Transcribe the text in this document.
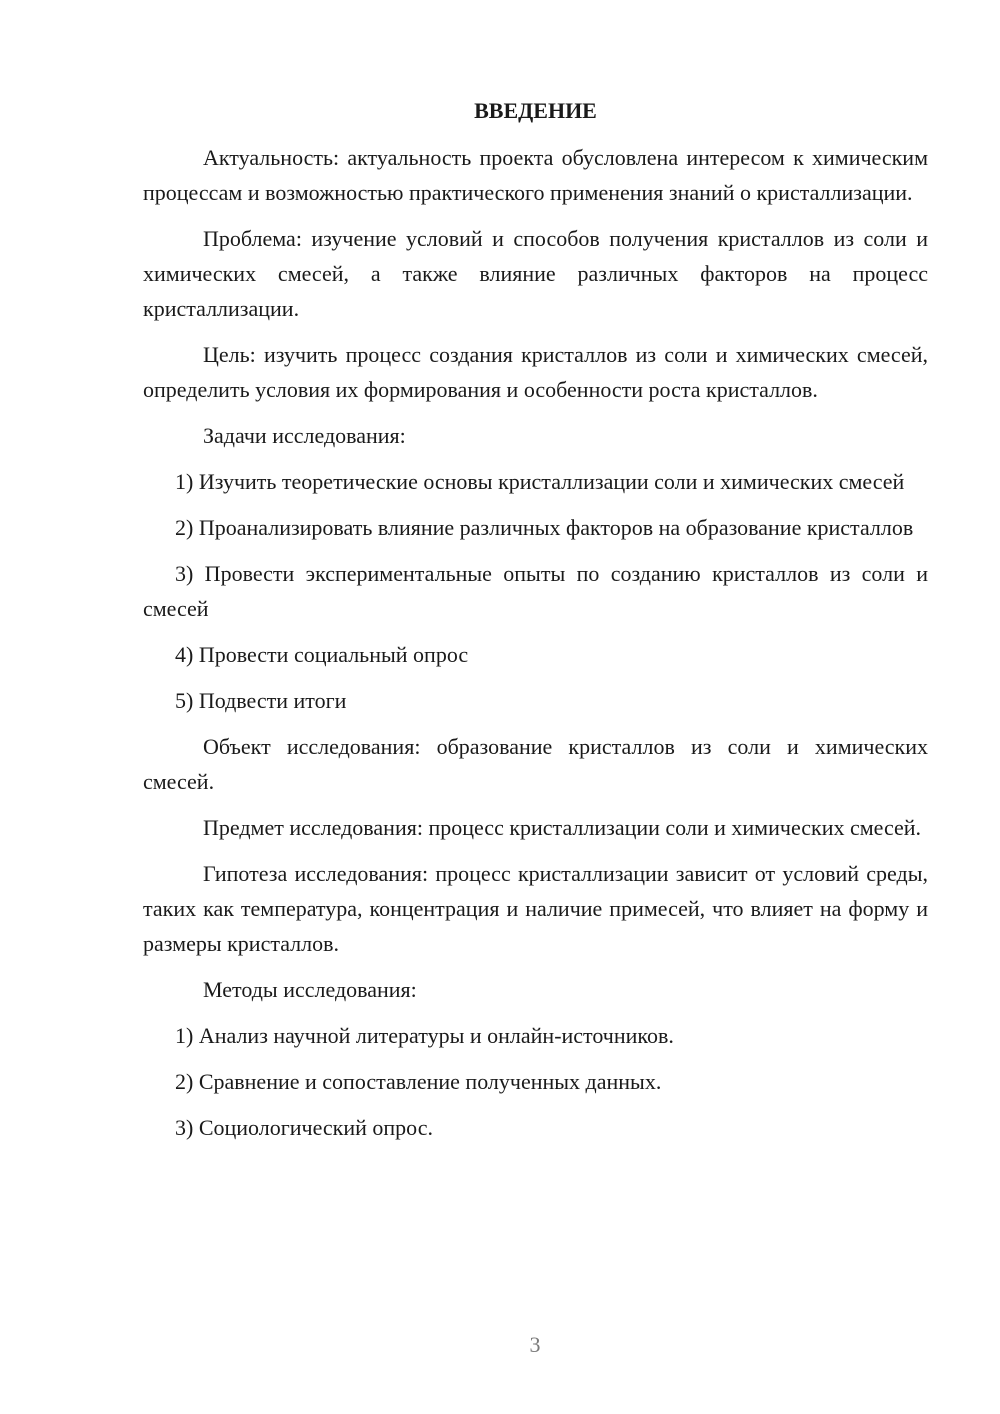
ВВЕДЕНИЕ

Актуальность: актуальность проекта обусловлена интересом к химическим процессам и возможностью практического применения знаний о кристаллизации.

Проблема: изучение условий и способов получения кристаллов из соли и химических смесей, а также влияние различных факторов на процесс кристаллизации.

Цель: изучить процесс создания кристаллов из соли и химических смесей, определить условия их формирования и особенности роста кристаллов.

Задачи исследования:

1) Изучить теоретические основы кристаллизации соли и химических смесей

2) Проанализировать влияние различных факторов на образование кристаллов

3) Провести экспериментальные опыты по созданию кристаллов из соли и смесей

4) Провести социальный опрос

5) Подвести итоги

Объект исследования: образование кристаллов из соли и химических смесей.

Предмет исследования: процесс кристаллизации соли и химических смесей.

Гипотеза исследования: процесс кристаллизации зависит от условий среды, таких как температура, концентрация и наличие примесей, что влияет на форму и размеры кристаллов.

Методы исследования:

1) Анализ научной литературы и онлайн-источников.

2) Сравнение и сопоставление полученных данных.

3) Социологический опрос.

3
